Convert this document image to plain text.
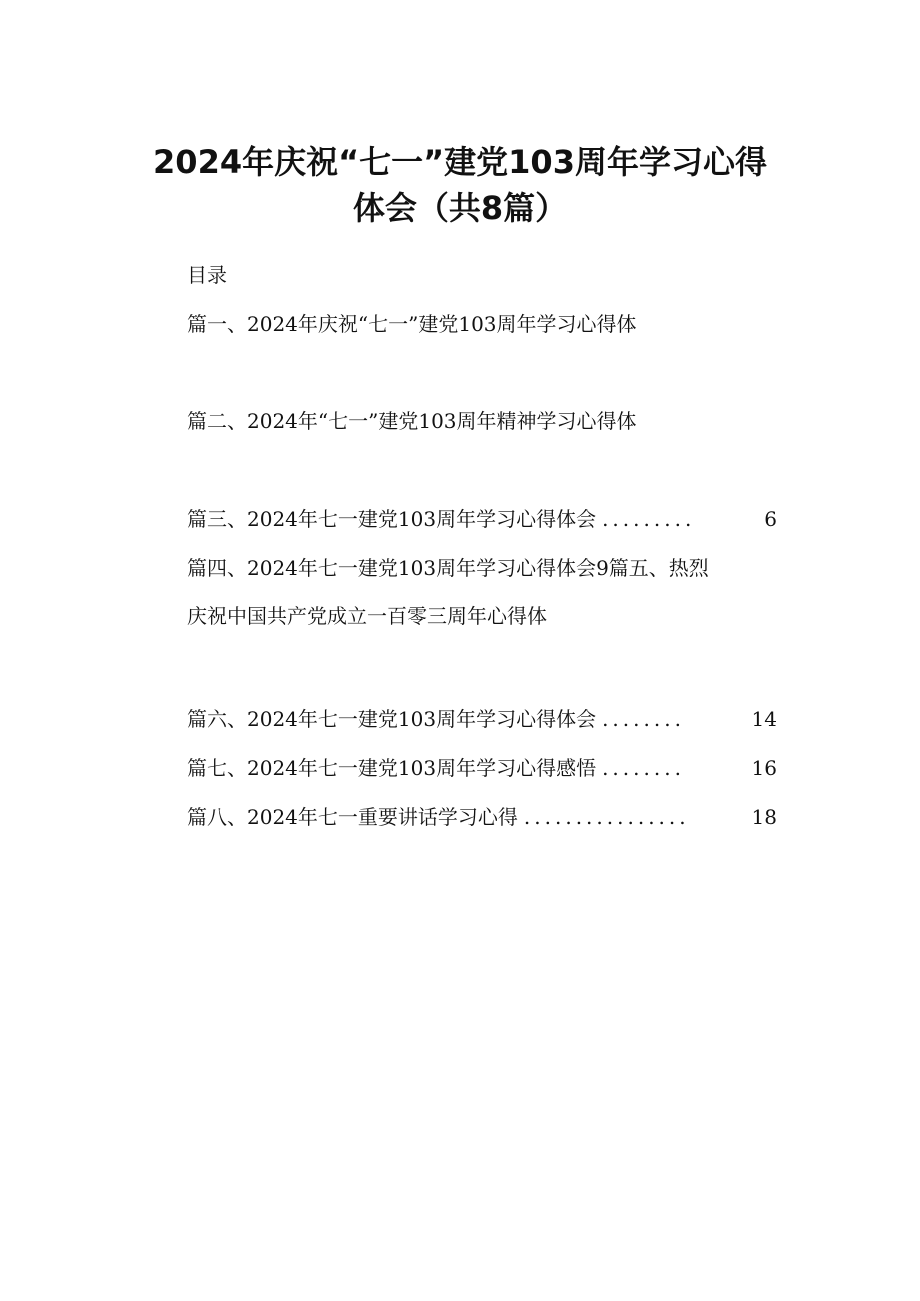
2024年庆祝“七一”建党103周年学习心得
体会（共8篇）
目录
篇一、2024年庆祝“七一”建党103周年学习心得体
篇二、2024年“七一”建党103周年精神学习心得体
篇三、2024年七一建党103周年学习心得体会 .........	6
篇四、2024年七一建党103周年学习心得体会9篇五、热烈
庆祝中国共产党成立一百零三周年心得体
篇六、2024年七一建党103周年学习心得体会 ........	14
篇七、2024年七一建党103周年学习心得感悟 ........	16
篇八、2024年七一重要讲话学习心得 ................	18
